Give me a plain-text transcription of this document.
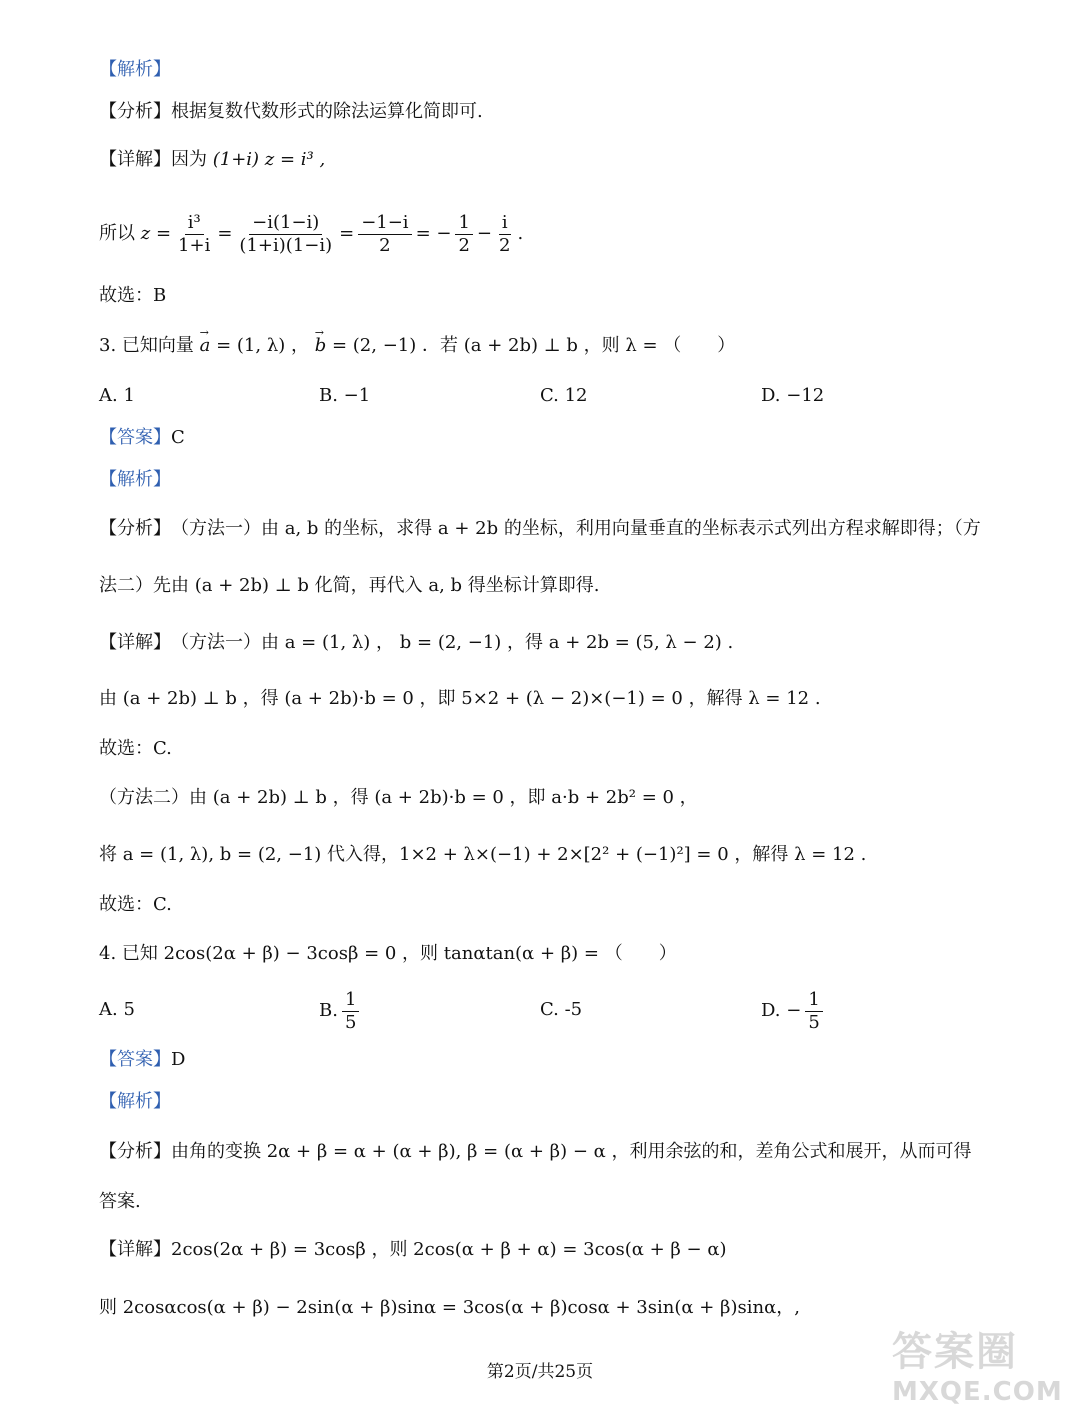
【解析】
【分析】 根据复数代数形式的除法运算化简即可.
【详解】 因为
(1+i) z = i³ ,
所以
$z = \frac{\text{i³}}{1+i} = \frac{-i(1-i)}{(1+i)(1-i)} = \frac{-1-i}{2}$ = − $\frac{1}{2} - \frac{i}{2}$ .
故选：B
3. 已知向量
→ a
= (1, λ) ，
→ b
= (2, −1) ．若
(a + 2b) ⊥ b ，则 λ = （　　）
A. 1	B. −1	C. 12	D. −12
【答案】 C
【解析】
【分析】 （方法一）由 a, b 的坐标，求得 a + 2b 的坐标，利用向量垂直的坐标表示式列出方程求解即得；（方
法二）先由 (a + 2b) ⊥ b 化简，再代入 a, b 得坐标计算即得.
【详解】 （方法一）由 a = (1, λ) ， b = (2, −1) ，得 a + 2b = (5, λ − 2) .
由 (a + 2b) ⊥ b ，得 (a + 2b)·b = 0 ，即 5×2 + (λ − 2)×(−1) = 0 ，解得 λ = 12 .
故选：C.
（方法二）由 (a + 2b) ⊥ b ，得 (a + 2b)·b = 0 ，即 a·b + 2b² = 0 ，
将 a = (1, λ), b = (2, −1) 代入得，1×2 + λ×(−1) + 2×[2² + (−1)²] = 0 ，解得 λ = 12 .
故选：C.
4. 已知 2cos(2α + β) − 3cosβ = 0 ，则 tanαtan(α + β) = （　　）
A. 5	B. $\frac{1}{5}$	C. -5	D. − $\frac{1}{5}$
【答案】 D
【解析】
【分析】 由角的变换 2α + β = α + (α + β), β = (α + β) − α ，利用余弦的和，差角公式和展开，从而可得
答案.
【详解】 2cos(2α + β) = 3cosβ ，则 2cos(α + β + α) = 3cos(α + β − α)
则 2cosαcos(α + β) − 2sin(α + β)sinα = 3cos(α + β)cosα + 3sin(α + β)sinα，,
第2页/共25页	答案圈
MXQE.COM
